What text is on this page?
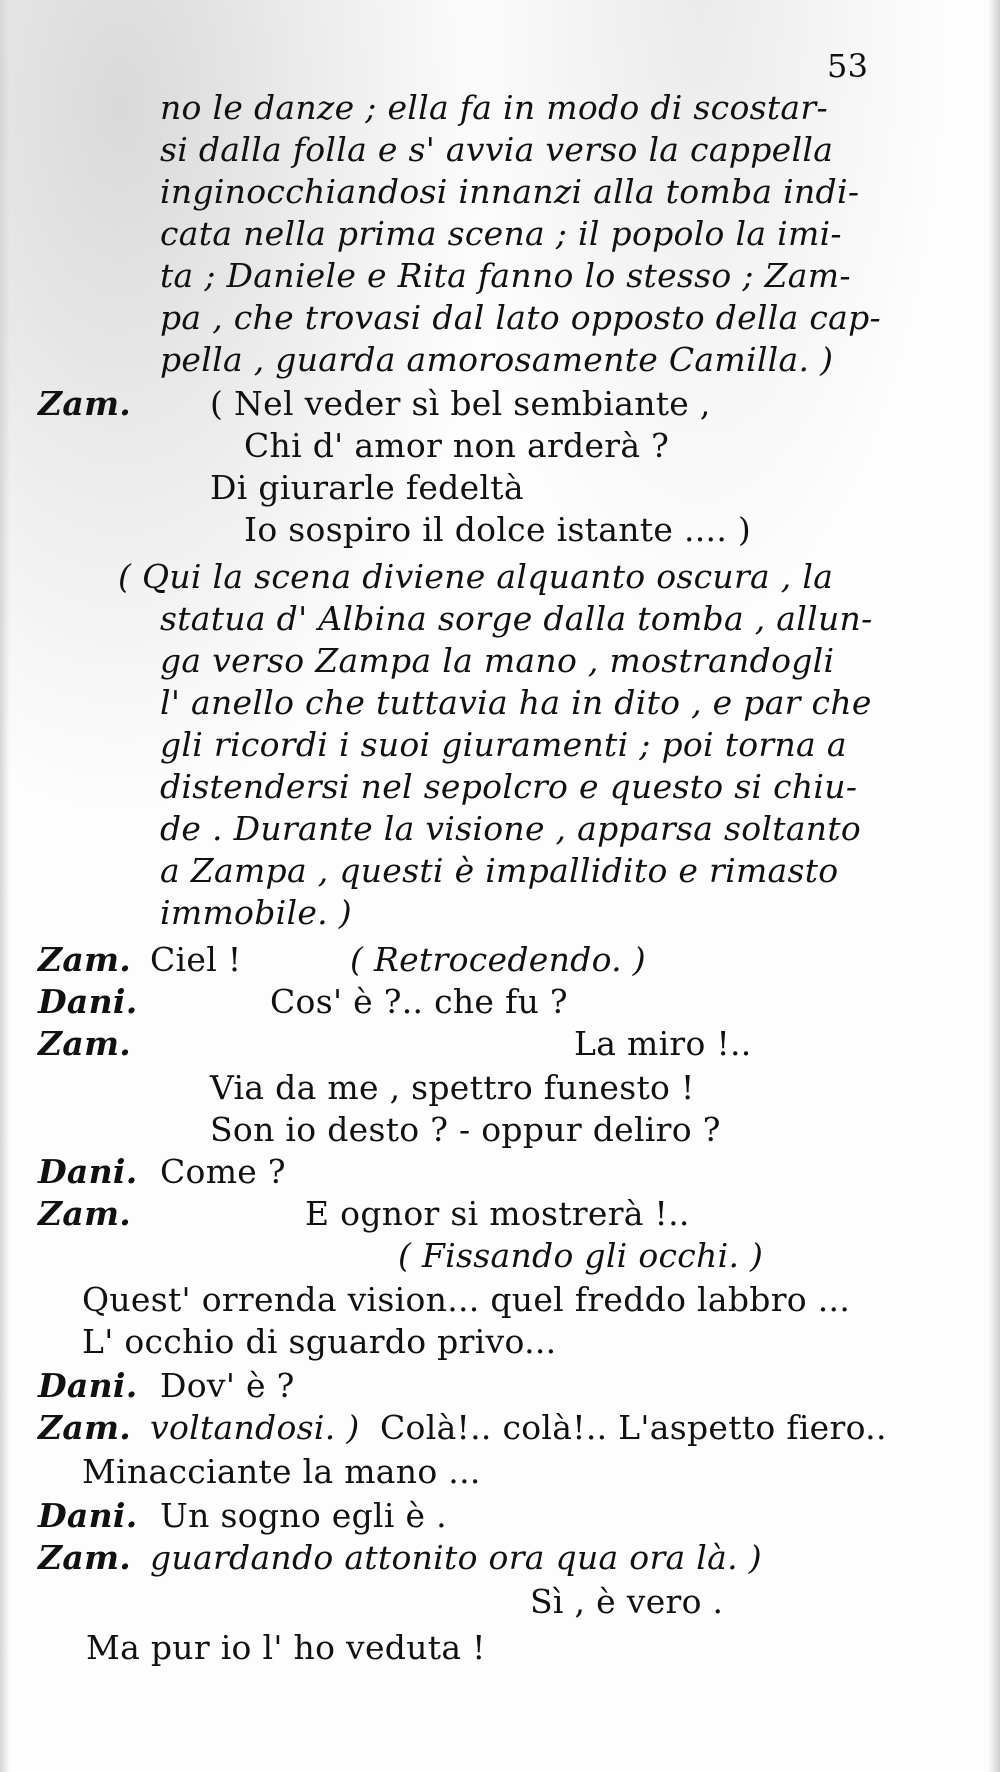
53
no le danze ; ella fa in modo di scostar-
si dalla folla e s' avvia verso la cappella
inginocchiandosi innanzi alla tomba indi-
cata nella prima scena ; il popolo la imi-
ta ; Daniele e Rita fanno lo stesso ; Zam-
pa , che trovasi dal lato opposto della cap-
pella , guarda amorosamente Camilla. )
Zam. ( Nel veder sì bel sembiante ,
Chi d' amor non arderà ?
Di giurarle fedeltà
Io sospiro il dolce istante .... )
( Qui la scena diviene alquanto oscura , la
statua d' Albina sorge dalla tomba , allun-
ga verso Zampa la mano , mostrandogli
l' anello che tuttavia ha in dito , e par che
gli ricordi i suoi giuramenti ; poi torna a
distendersi nel sepolcro e questo si chiu-
de . Durante la visione , apparsa soltanto
a Zampa , questi è impallidito e rimasto
immobile. )
Zam. Ciel !	( Retrocedendo. )
Dani.	Cos' è ?.. che fu ?
Zam.	La miro !..
Via da me , spettro funesto !
Son io desto ? - oppur deliro ?
Dani. Come ?
Zam.	E ognor si mostrerà !..
( Fissando gli occhi. )
Quest' orrenda vision... quel freddo labbro ...
L' occhio di sguardo privo...
Dani. Dov' è ?
Zam. voltandosi. ) Colà!.. colà!.. L'aspetto fiero..
Minacciante la mano ...
Dani. Un sogno egli è .
Zam. guardando attonito ora qua ora là. )
Sì , è vero .
Ma pur io l' ho veduta !
